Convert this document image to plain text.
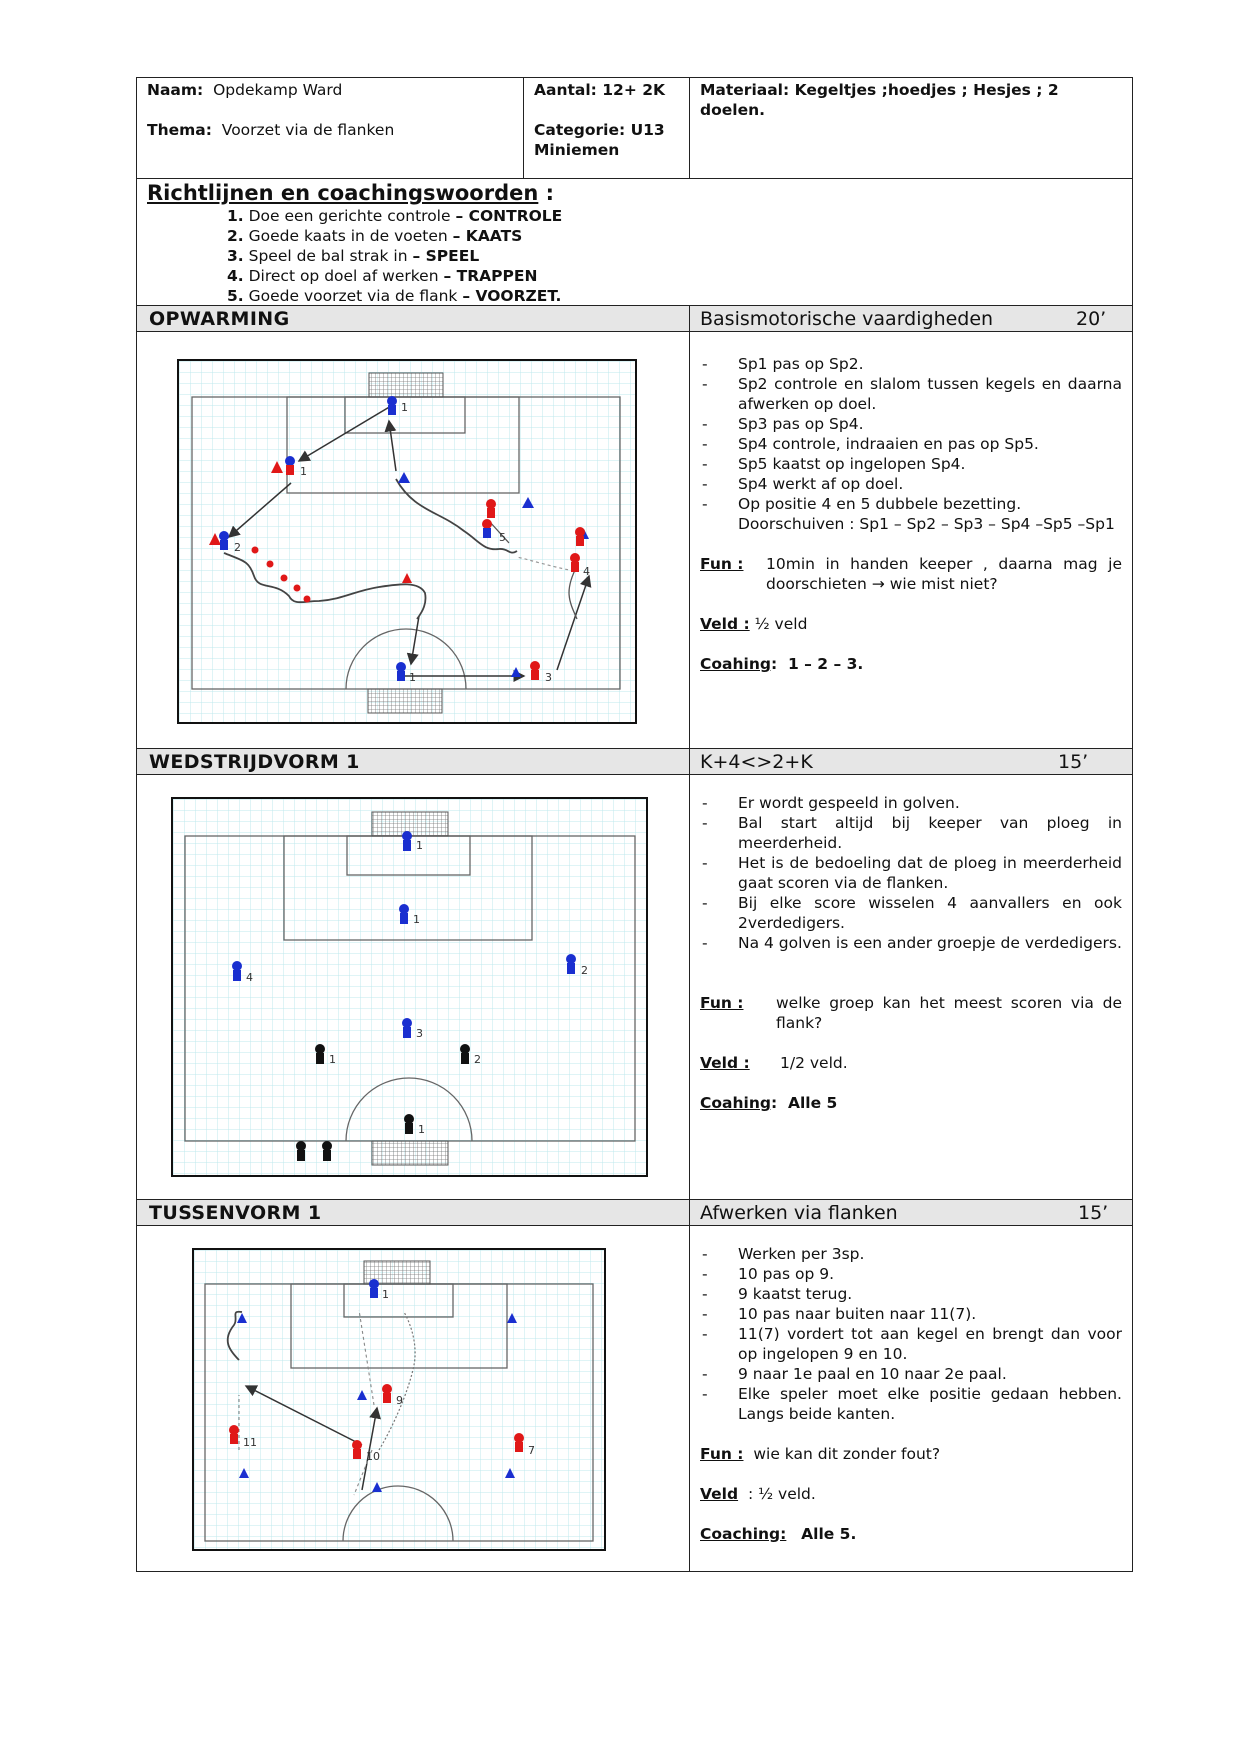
Naam: Opdekamp Ward
Thema: Voorzet via de flanken
Aantal: 12+ 2K
Categorie: U13 Miniemen
Materiaal: Kegeltjes ;hoedjes ; Hesjes ; 2 doelen.
Richtlijnen en coachingswoorden :
1. Doe een gerichte controle – CONTROLE
2. Goede kaats in de voeten – KAATS
3. Speel de bal strak in – SPEEL
4. Direct op doel af werken – TRAPPEN
5. Goede voorzet via de flank – VOORZET.
OPWARMING	Basismotorische vaardigheden	20’
- Sp1 pas op Sp2.
- Sp2 controle en slalom tussen kegels en daarna afwerken op doel.
- Sp3 pas op Sp4.
- Sp4 controle, indraaien en pas op Sp5.
- Sp5 kaatst op ingelopen Sp4.
- Sp4 werkt af op doel.
- Op positie 4 en 5 dubbele bezetting.
Doorschuiven : Sp1 – Sp2 – Sp3 – Sp4 –Sp5 –Sp1
Fun :	10min in handen keeper , daarna mag je doorschieten → wie mist niet?
Veld : ½ veld
Coahing:  1 – 2 – 3.
1
1
2
5
4
1	3
WEDSTRIJDVORM 1	K+4<>2+K	15’
- Er wordt gespeeld in golven.
- Bal start altijd bij keeper van ploeg in meerderheid.
- Het is de bedoeling dat de ploeg in meerderheid gaat scoren via de flanken.
- Bij elke score wisselen 4 aanvallers en ook 2verdedigers.
- Na 4 golven is een ander groepje de verdedigers.
Fun :	welke groep kan het meest scoren via de flank?
Veld : 1/2 veld.
Coahing:  Alle 5
1
1
4
2
3
1	2
1
TUSSENVORM 1	Afwerken via flanken	15’
- Werken per 3sp.
- 10 pas op 9.
- 9 kaatst terug.
- 10 pas naar buiten naar 11(7).
- 11(7) vordert tot aan kegel en brengt dan voor op ingelopen 9 en 10.
- 9 naar 1e paal en 10 naar 2e paal.
- Elke speler moet elke positie gedaan hebben. Langs beide kanten.
Fun : wie kan dit zonder fout?
Veld : ½ veld.
Coaching: Alle 5.
1
9
11
10	7
